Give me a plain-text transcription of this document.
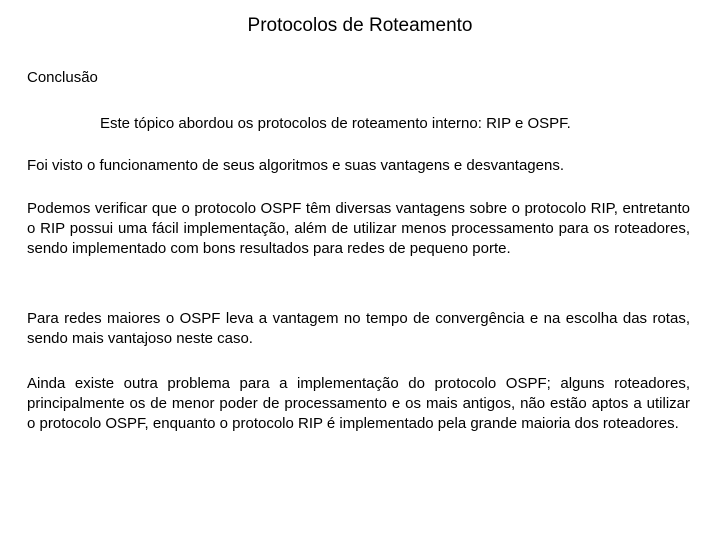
Protocolos de Roteamento
Conclusão

Este tópico abordou os protocolos de roteamento interno: RIP e OSPF.

Foi visto o funcionamento de seus algoritmos e suas vantagens e desvantagens.

Podemos verificar que o protocolo OSPF têm diversas vantagens sobre o protocolo RIP, entretanto o RIP possui uma fácil implementação, além de utilizar menos processamento para os roteadores, sendo implementado com bons resultados para redes de pequeno porte.

Para redes maiores o OSPF leva a vantagem no tempo de convergência e na escolha das rotas, sendo mais vantajoso neste caso.

Ainda existe outra problema para a implementação do protocolo OSPF; alguns roteadores, principalmente os de menor poder de processamento e os mais antigos, não estão aptos a utilizar o protocolo OSPF, enquanto o protocolo RIP é implementado pela grande maioria dos roteadores.
